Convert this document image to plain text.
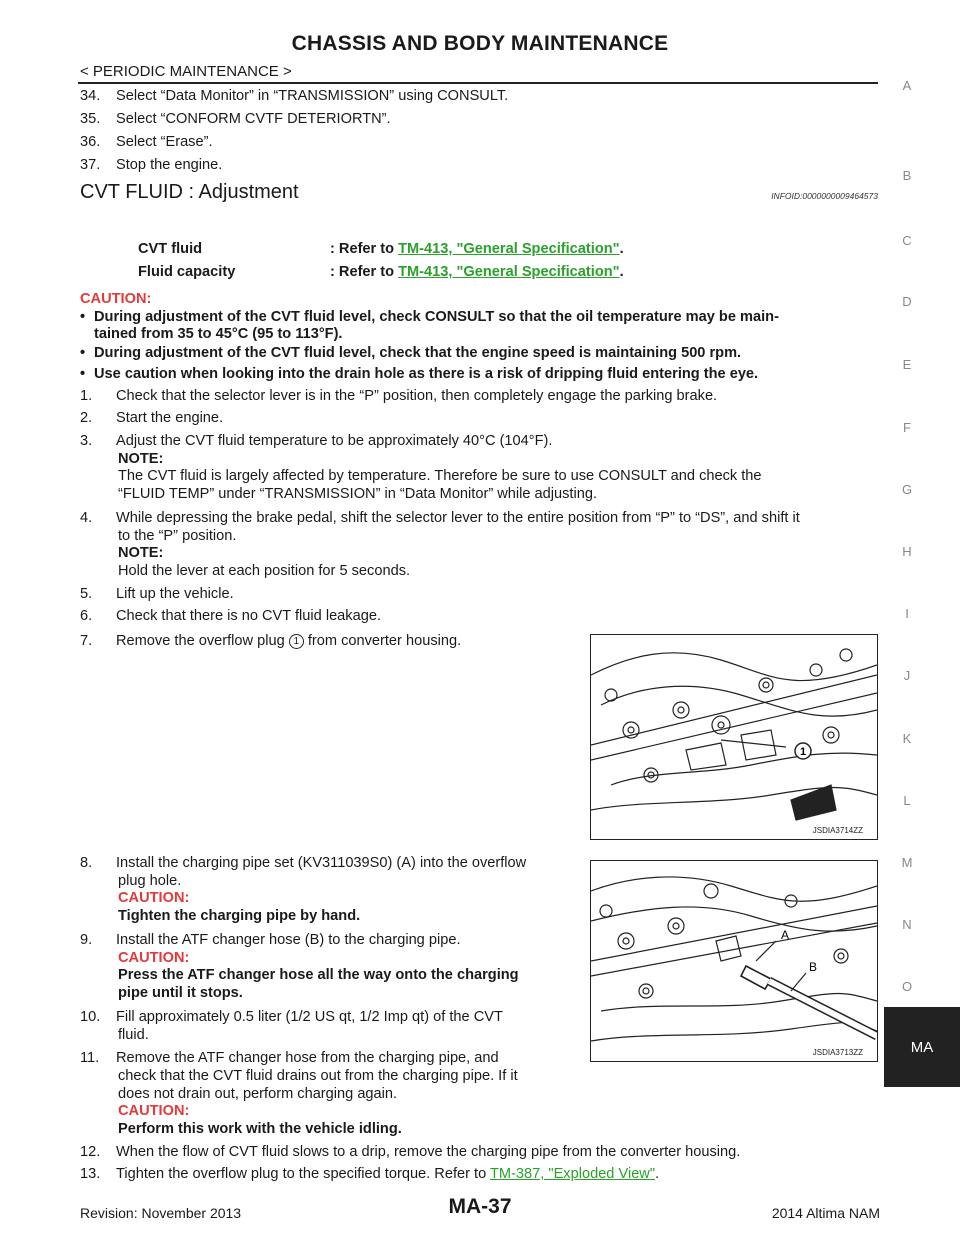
CHASSIS AND BODY MAINTENANCE
< PERIODIC MAINTENANCE >
34. Select “Data Monitor” in “TRANSMISSION” using CONSULT.
35. Select “CONFORM CVTF DETERIORTN”.
36. Select “Erase”.
37. Stop the engine.
CVT FLUID : Adjustment	INFOID:0000000009464573
CVT fluid	: Refer to TM-413, "General Specification".
Fluid capacity	: Refer to TM-413, "General Specification".
CAUTION:
• During adjustment of the CVT fluid level, check CONSULT so that the oil temperature may be main-
tained from 35 to 45°C (95 to 113°F).
• During adjustment of the CVT fluid level, check that the engine speed is maintaining 500 rpm.
• Use caution when looking into the drain hole as there is a risk of dripping fluid entering the eye.
1. Check that the selector lever is in the “P” position, then completely engage the parking brake.
2. Start the engine.
3. Adjust the CVT fluid temperature to be approximately 40°C (104°F).
NOTE:
The CVT fluid is largely affected by temperature. Therefore be sure to use CONSULT and check the
“FLUID TEMP” under “TRANSMISSION” in “Data Monitor” while adjusting.
4. While depressing the brake pedal, shift the selector lever to the entire position from “P” to “DS”, and shift it
to the “P” position.
NOTE:
Hold the lever at each position for 5 seconds.
5. Lift up the vehicle.
6. Check that there is no CVT fluid leakage.
7. Remove the overflow plug 1 from converter housing.
8. Install the charging pipe set (KV311039S0) (A) into the overflow
plug hole.
CAUTION:
Tighten the charging pipe by hand.
9. Install the ATF changer hose (B) to the charging pipe.
CAUTION:
Press the ATF changer hose all the way onto the charging
pipe until it stops.
10. Fill approximately 0.5 liter (1/2 US qt, 1/2 Imp qt) of the CVT
fluid.
11. Remove the ATF changer hose from the charging pipe, and
check that the CVT fluid drains out from the charging pipe. If it
does not drain out, perform charging again.
CAUTION:
Perform this work with the vehicle idling.
12. When the flow of CVT fluid slows to a drip, remove the charging pipe from the converter housing.
13. Tighten the overflow plug to the specified torque. Refer to TM-387, "Exploded View".
1
JSDIA3714ZZ
A
B
JSDIA3713ZZ
A
B
C
D
E
F
G
H
I
J
K
L
M
N
O
MA
Revision: November 2013	MA-37	2014 Altima NAM
